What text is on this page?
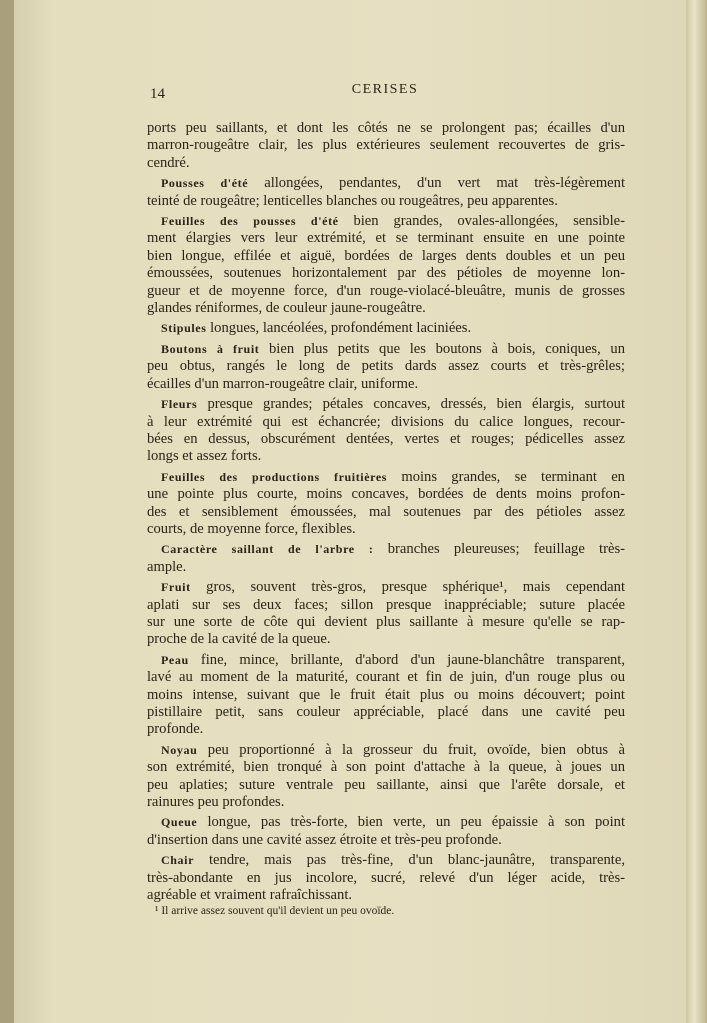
14	CERISES
ports peu saillants, et dont les côtés ne se prolongent pas; écailles d'un
marron-rougeâtre clair, les plus extérieures seulement recouvertes de gris-
cendré.
Pousses d'été allongées, pendantes, d'un vert mat très-légèrement
teinté de rougeâtre; lenticelles blanches ou rougeâtres, peu apparentes.
Feuilles des pousses d'été bien grandes, ovales-allongées, sensible-
ment élargies vers leur extrémité, et se terminant ensuite en une pointe
bien longue, effilée et aiguë, bordées de larges dents doubles et un peu
émoussées, soutenues horizontalement par des pétioles de moyenne lon-
gueur et de moyenne force, d'un rouge-violacé-bleuâtre, munis de grosses
glandes réniformes, de couleur jaune-rougeâtre.
Stipules longues, lancéolées, profondément laciniées.
Boutons à fruit bien plus petits que les boutons à bois, coniques, un
peu obtus, rangés le long de petits dards assez courts et très-grêles;
écailles d'un marron-rougeâtre clair, uniforme.
Fleurs presque grandes; pétales concaves, dressés, bien élargis, surtout
à leur extrémité qui est échancrée; divisions du calice longues, recour-
bées en dessus, obscurément dentées, vertes et rouges; pédicelles assez
longs et assez forts.
Feuilles des productions fruitières moins grandes, se terminant en
une pointe plus courte, moins concaves, bordées de dents moins profon-
des et sensiblement émoussées, mal soutenues par des pétioles assez
courts, de moyenne force, flexibles.
Caractère saillant de l'arbre : branches pleureuses; feuillage très-
ample.
Fruit gros, souvent très-gros, presque sphérique¹, mais cependant
aplati sur ses deux faces; sillon presque inappréciable; suture placée
sur une sorte de côte qui devient plus saillante à mesure qu'elle se rap-
proche de la cavité de la queue.
Peau fine, mince, brillante, d'abord d'un jaune-blanchâtre transparent,
lavé au moment de la maturité, courant et fin de juin, d'un rouge plus ou
moins intense, suivant que le fruit était plus ou moins découvert; point
pistillaire petit, sans couleur appréciable, placé dans une cavité peu
profonde.
Noyau peu proportionné à la grosseur du fruit, ovoïde, bien obtus à
son extrémité, bien tronqué à son point d'attache à la queue, à joues un
peu aplaties; suture ventrale peu saillante, ainsi que l'arête dorsale, et
rainures peu profondes.
Queue longue, pas très-forte, bien verte, un peu épaissie à son point
d'insertion dans une cavité assez étroite et très-peu profonde.
Chair tendre, mais pas très-fine, d'un blanc-jaunâtre, transparente,
très-abondante en jus incolore, sucré, relevé d'un léger acide, très-
agréable et vraiment rafraîchissant.
¹ Il arrive assez souvent qu'il devient un peu ovoïde.
